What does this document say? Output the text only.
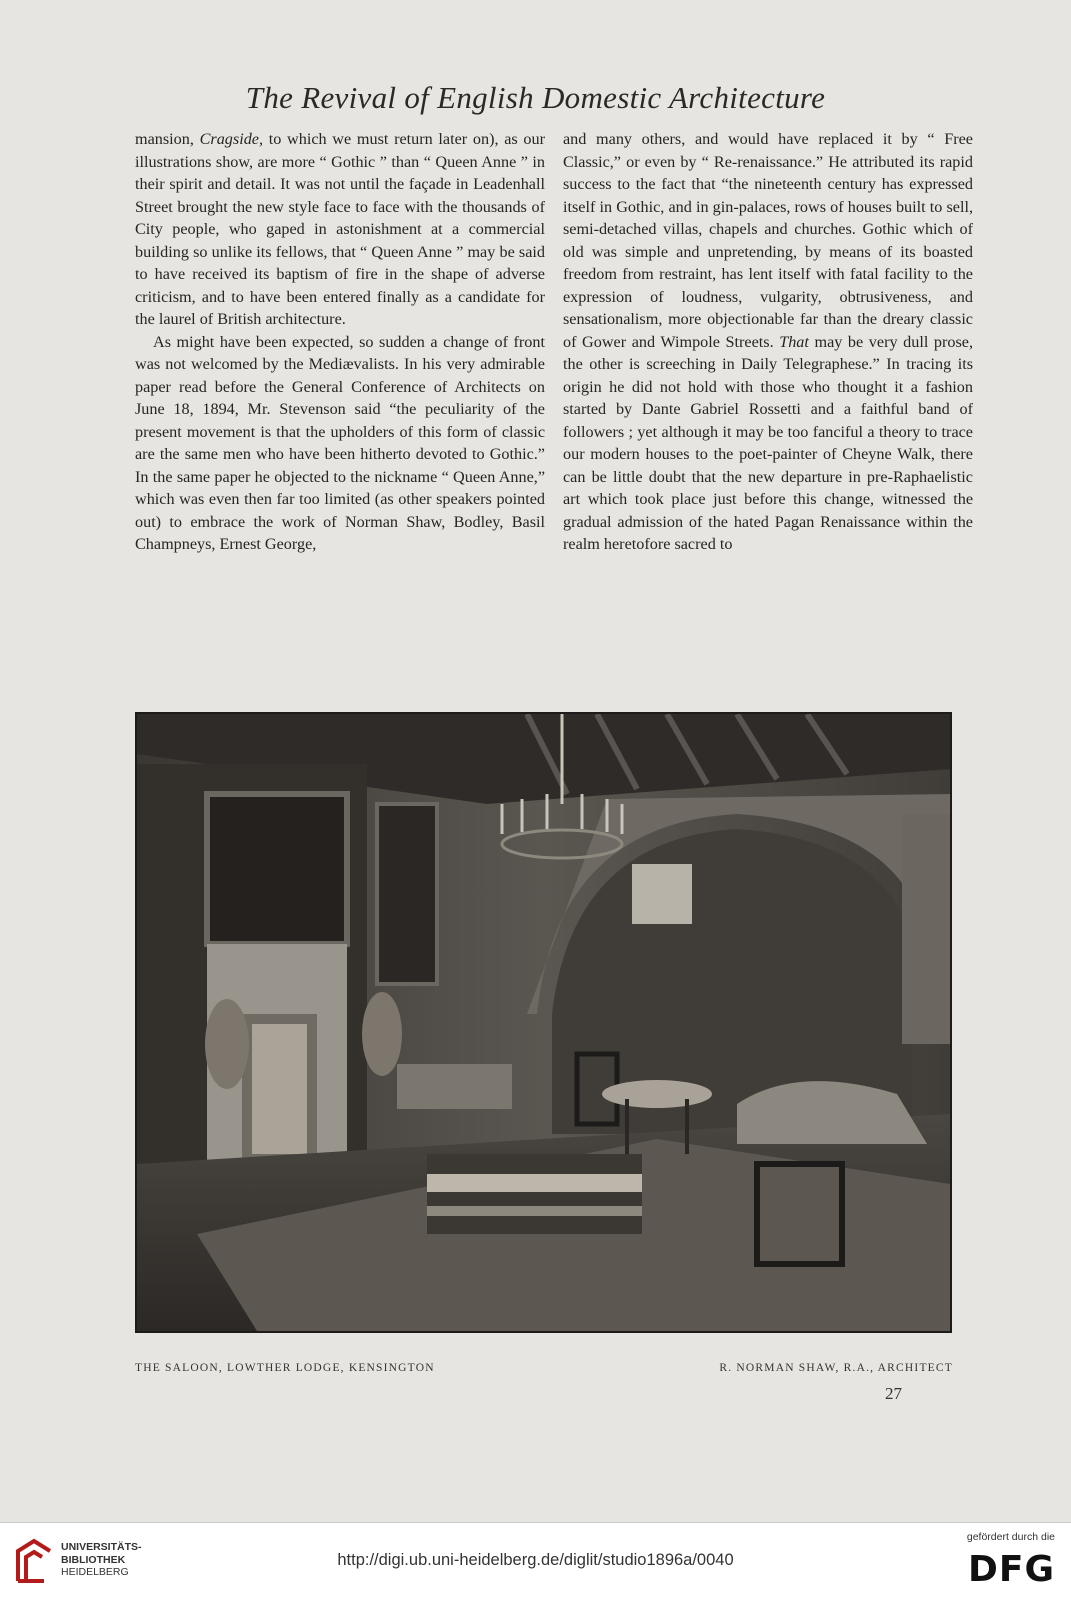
The Revival of English Domestic Architecture

mansion, Cragside, to which we must return later on), as our illustrations show, are more “ Gothic ” than “ Queen Anne ” in their spirit and detail. It was not until the façade in Leadenhall Street brought the new style face to face with the thousands of City people, who gaped in astonishment at a commercial building so unlike its fellows, that “ Queen Anne ” may be said to have received its baptism of fire in the shape of adverse criticism, and to have been entered finally as a candidate for the laurel of British architecture.

As might have been expected, so sudden a change of front was not welcomed by the Mediævalists. In his very admirable paper read before the General Conference of Architects on June 18, 1894, Mr. Stevenson said “the peculiarity of the present movement is that the upholders of this form of classic are the same men who have been hitherto devoted to Gothic.” In the same paper he objected to the nickname “ Queen Anne,” which was even then far too limited (as other speakers pointed out) to embrace the work of Norman Shaw, Bodley, Basil Champneys, Ernest George,

and many others, and would have replaced it by “ Free Classic,” or even by “ Re-renaissance.” He attributed its rapid success to the fact that “the nineteenth century has expressed itself in Gothic, and in gin-palaces, rows of houses built to sell, semi-detached villas, chapels and churches. Gothic which of old was simple and unpretending, by means of its boasted freedom from restraint, has lent itself with fatal facility to the expression of loudness, vulgarity, obtrusiveness, and sensationalism, more objectionable far than the dreary classic of Gower and Wimpole Streets. That may be very dull prose, the other is screeching in Daily Telegraphese.” In tracing its origin he did not hold with those who thought it a fashion started by Dante Gabriel Rossetti and a faithful band of followers ; yet although it may be too fanciful a theory to trace our modern houses to the poet-painter of Cheyne Walk, there can be little doubt that the new departure in pre-Raphaelistic art which took place just before this change, witnessed the gradual admission of the hated Pagan Renaissance within the realm heretofore sacred to

THE SALOON, LOWTHER LODGE, KENSINGTON	R. NORMAN SHAW, R.A., ARCHITECT
27
UNIVERSITÄTS-
BIBLIOTHEK
HEIDELBERG
http://digi.ub.uni-heidelberg.de/diglit/studio1896a/0040
gefördert durch die
DFG
